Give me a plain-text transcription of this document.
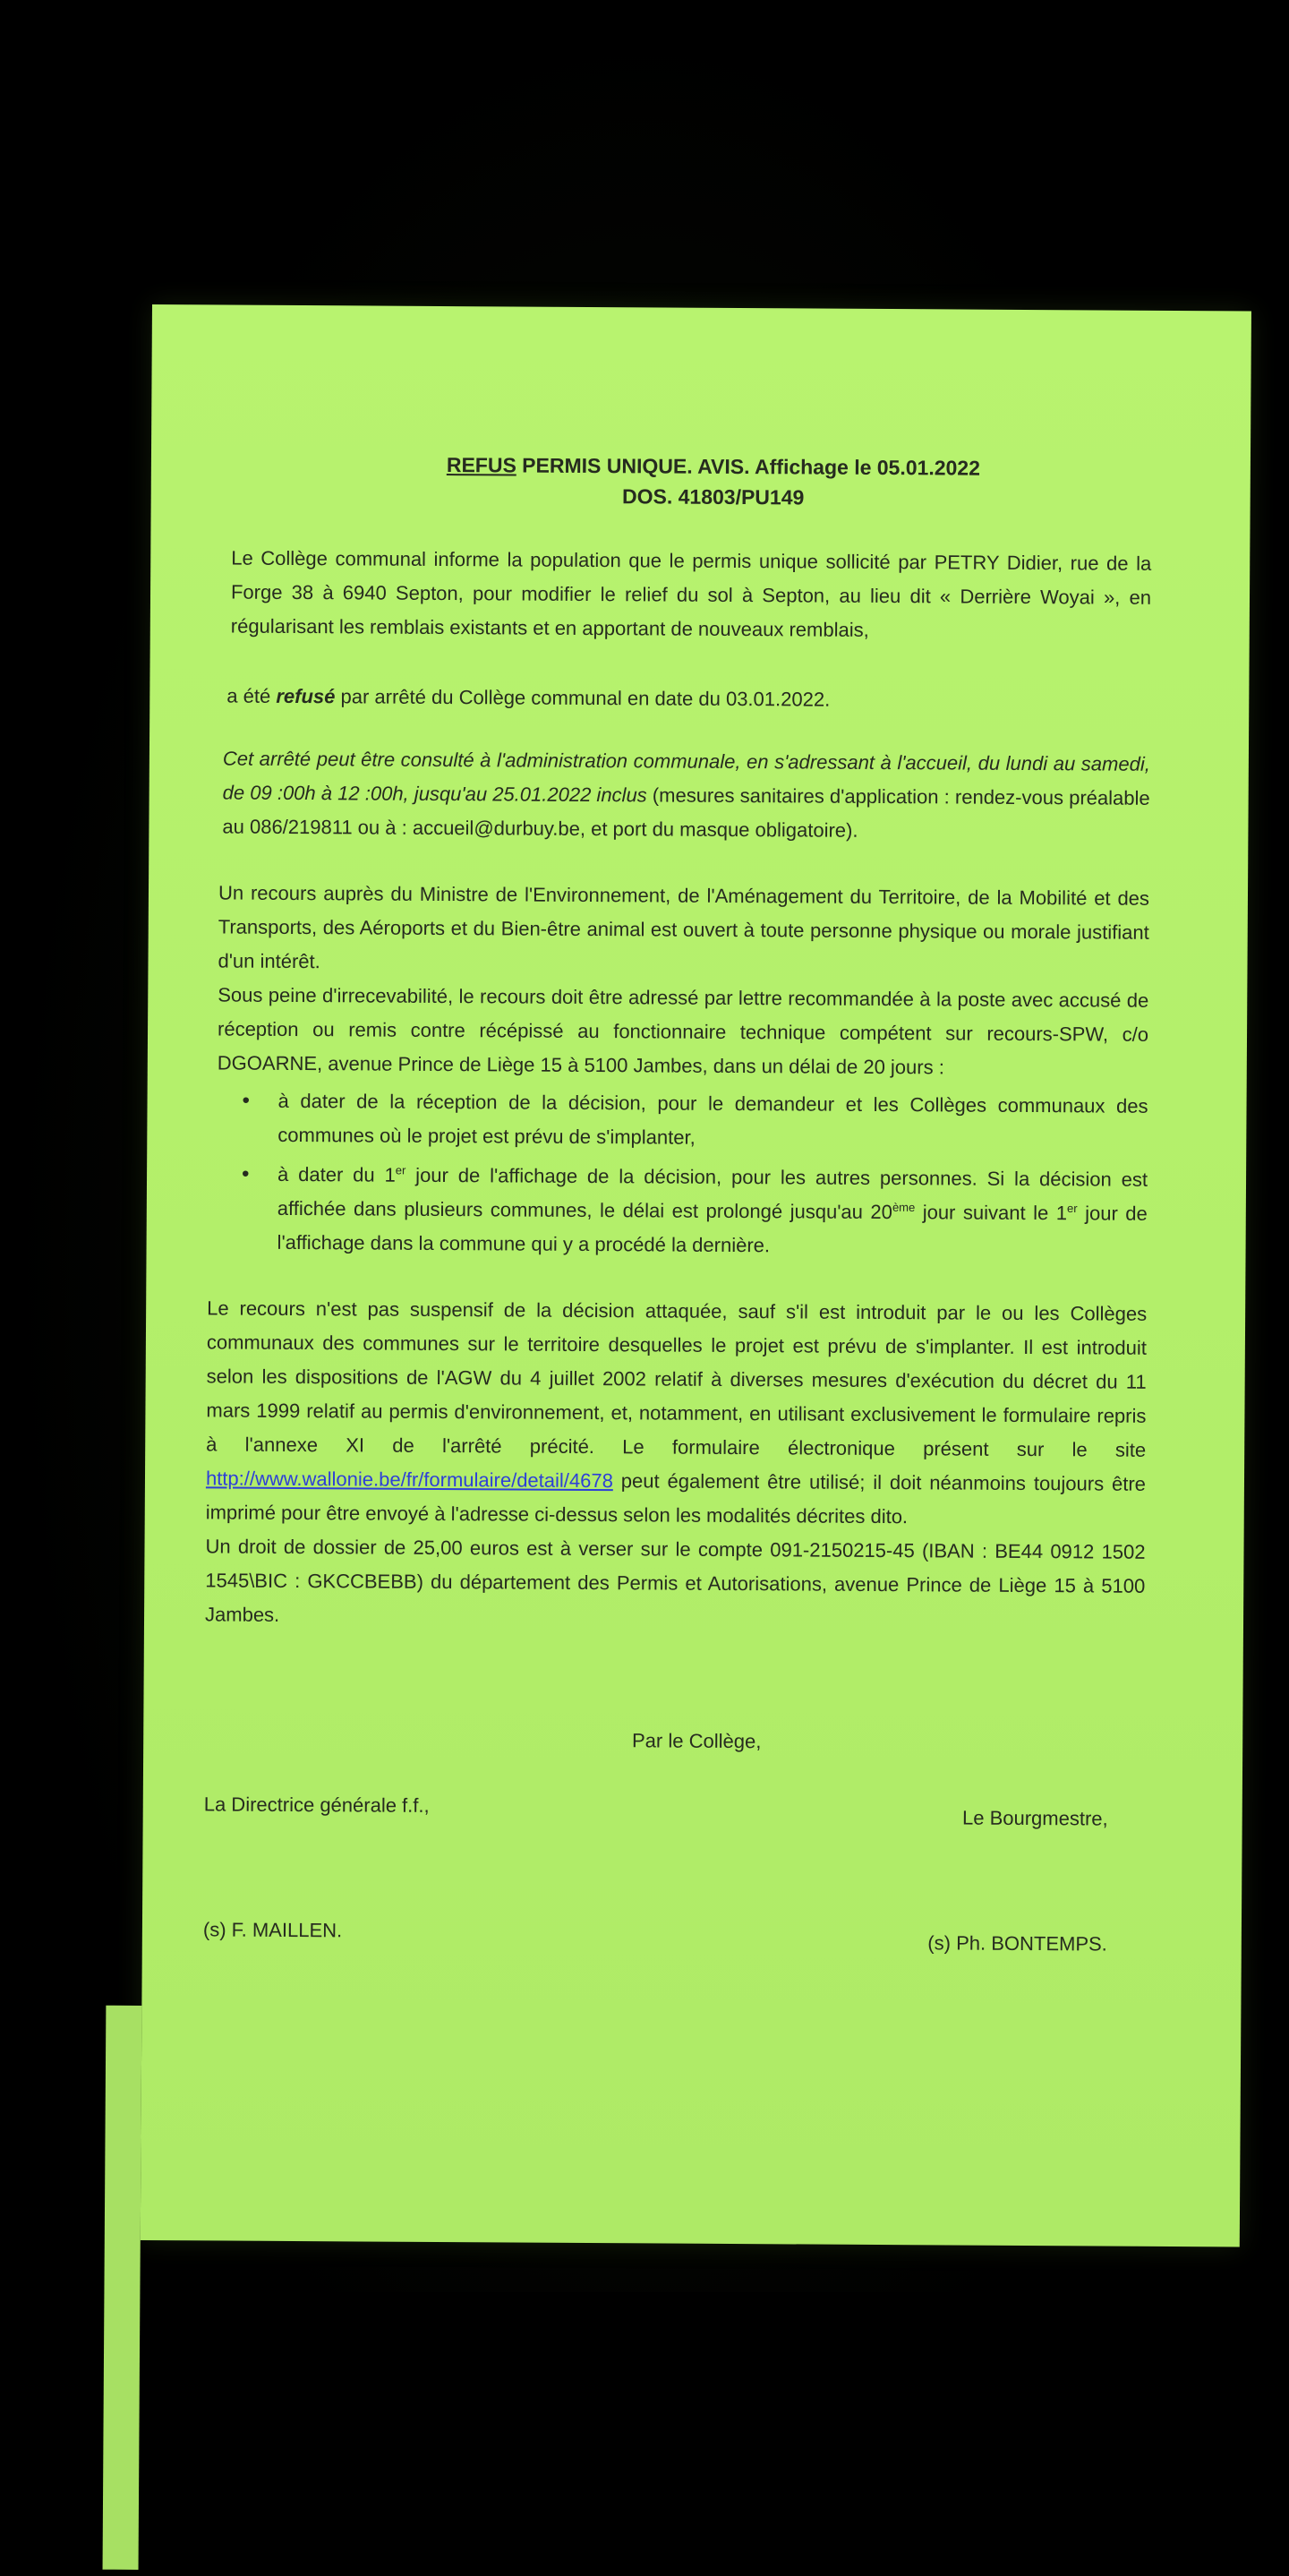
REFUS PERMIS UNIQUE. AVIS. Affichage le 05.01.2022
DOS. 41803/PU149

Le Collège communal informe la population que le permis unique sollicité par PETRY Didier, rue de la Forge 38 à 6940 Septon, pour modifier le relief du sol à Septon, au lieu dit « Derrière Woyai », en régularisant les remblais existants et en apportant de nouveaux remblais,

a été refusé par arrêté du Collège communal en date du 03.01.2022.

Cet arrêté peut être consulté à l'administration communale, en s'adressant à l'accueil, du lundi au samedi, de 09 :00h à 12 :00h, jusqu'au 25.01.2022 inclus (mesures sanitaires d'application : rendez-vous préalable au 086/219811 ou à : accueil@durbuy.be, et port du masque obligatoire).

Un recours auprès du Ministre de l'Environnement, de l'Aménagement du Territoire, de la Mobilité et des Transports, des Aéroports et du Bien-être animal est ouvert à toute personne physique ou morale justifiant d'un intérêt.

Sous peine d'irrecevabilité, le recours doit être adressé par lettre recommandée à la poste avec accusé de réception ou remis contre récépissé au fonctionnaire technique compétent sur recours-SPW, c/o DGOARNE, avenue Prince de Liège 15 à 5100 Jambes, dans un délai de 20 jours :

• à dater de la réception de la décision, pour le demandeur et les Collèges communaux des communes où le projet est prévu de s'implanter,
• à dater du 1er jour de l'affichage de la décision, pour les autres personnes. Si la décision est affichée dans plusieurs communes, le délai est prolongé jusqu'au 20ème jour suivant le 1er jour de l'affichage dans la commune qui y a procédé la dernière.

Le recours n'est pas suspensif de la décision attaquée, sauf s'il est introduit par le ou les Collèges communaux des communes sur le territoire desquelles le projet est prévu de s'implanter. Il est introduit selon les dispositions de l'AGW du 4 juillet 2002 relatif à diverses mesures d'exécution du décret du 11 mars 1999 relatif au permis d'environnement, et, notamment, en utilisant exclusivement le formulaire repris à l'annexe XI de l'arrêté précité. Le formulaire électronique présent sur le site http://www.wallonie.be/fr/formulaire/detail/4678 peut également être utilisé; il doit néanmoins toujours être imprimé pour être envoyé à l'adresse ci-dessus selon les modalités décrites dito.

Un droit de dossier de 25,00 euros est à verser sur le compte 091-2150215-45 (IBAN : BE44 0912 1502 1545\BIC : GKCCBEBB) du département des Permis et Autorisations, avenue Prince de Liège 15 à 5100 Jambes.

Par le Collège,
La Directrice générale f.f.,
Le Bourgmestre,
(s) F. MAILLEN.
(s) Ph. BONTEMPS.
